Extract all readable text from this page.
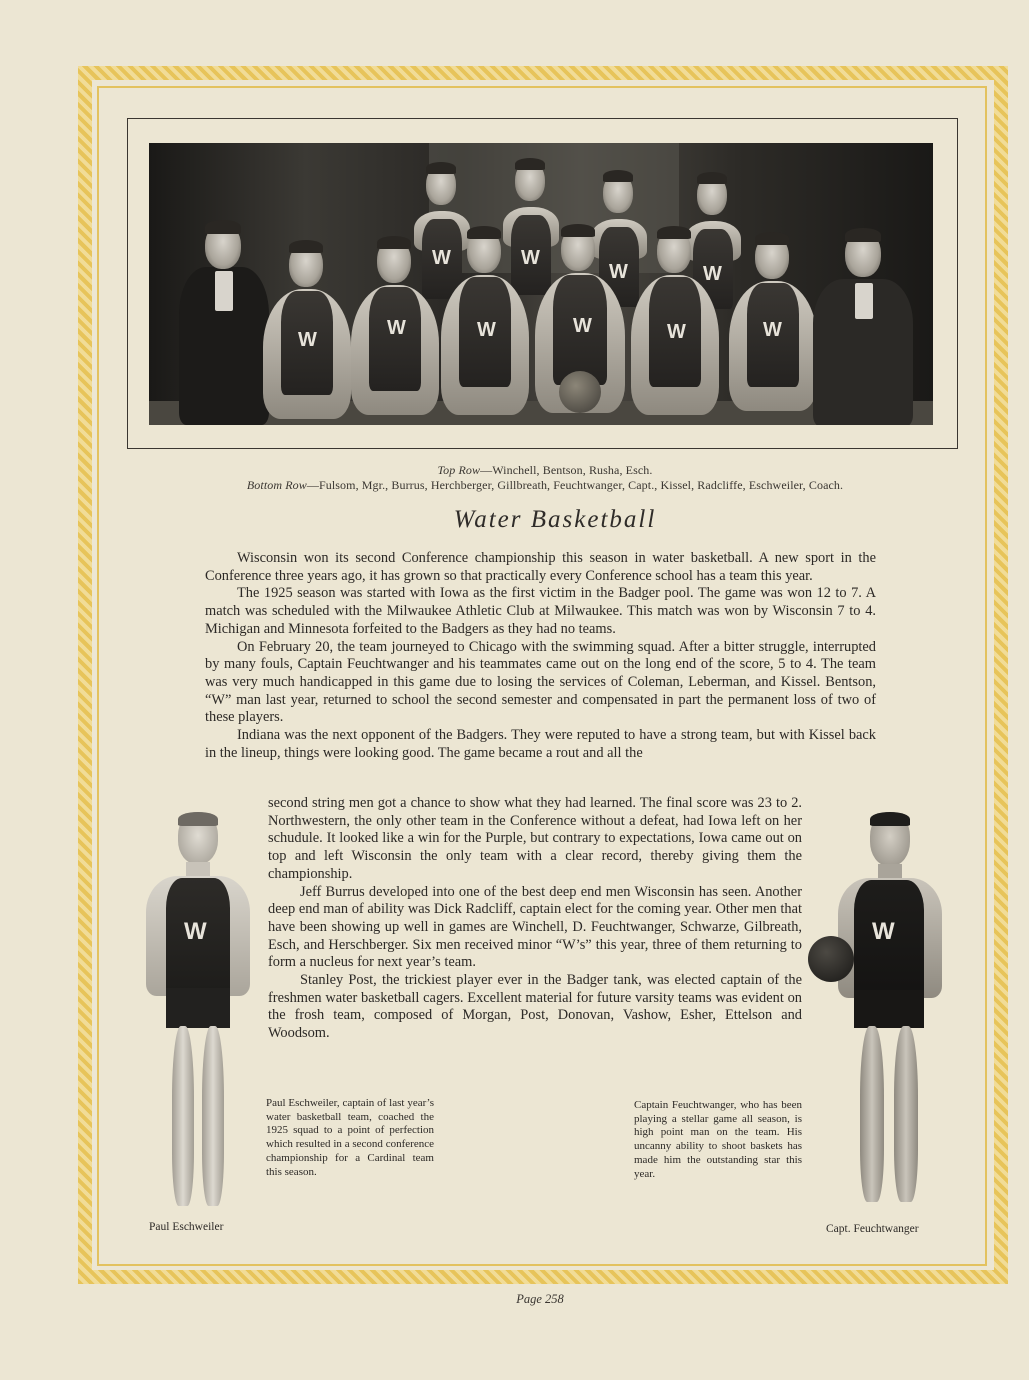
W	W
W	W
W
W	W	W	W	W
Top Row—Winchell, Bentson, Rusha, Esch.
Bottom Row—Fulsom, Mgr., Burrus, Herchberger, Gillbreath, Feuchtwanger, Capt., Kissel, Radcliffe, Eschweiler, Coach.
Water Basketball

Wisconsin won its second Conference championship this season in water basketball. A new sport in the Conference three years ago, it has grown so that practically every Conference school has a team this year.

The 1925 season was started with Iowa as the first victim in the Badger pool. The game was won 12 to 7. A match was scheduled with the Milwaukee Athletic Club at Milwaukee. This match was won by Wisconsin 7 to 4. Michigan and Minnesota forfeited to the Badgers as they had no teams.

On February 20, the team journeyed to Chicago with the swimming squad. After a bitter struggle, interrupted by many fouls, Captain Feuchtwanger and his teammates came out on the long end of the score, 5 to 4. The team was very much handicapped in this game due to losing the services of Coleman, Leberman, and Kissel. Bentson, “W” man last year, returned to school the second semester and compensated in part the permanent loss of two of these players.

Indiana was the next opponent of the Badgers. They were reputed to have a strong team, but with Kissel back in the lineup, things were looking good. The game became a rout and all the

second string men got a chance to show what they had learned. The final score was 23 to 2. Northwestern, the only other team in the Conference without a defeat, had Iowa left on her schudule. It looked like a win for the Purple, but contrary to expectations, Iowa came out on top and left Wisconsin the only team with a clear record, thereby giving them the championship.

Jeff Burrus developed into one of the best deep end men Wisconsin has seen. Another deep end man of ability was Dick Radcliff, captain elect for the coming year. Other men that have been showing up well in games are Winchell, D. Feuchtwanger, Schwarze, Gilbreath, Esch, and Herschberger. Six men received minor “W’s” this year, three of them returning to form a nucleus for next year’s team.

Stanley Post, the trickiest player ever in the Badger tank, was elected captain of the freshmen water basketball cagers. Excellent material for future varsity teams was evident on the frosh team, composed of Morgan, Post, Donovan, Vashow, Esher, Ettelson and Woodsom.

W
Paul Eschweiler, captain of last year’s water basketball team, coached the 1925 squad to a point of perfection which resulted in a second conference championship for a Cardinal team this season.
Paul Eschweiler
W
Captain Feuchtwanger, who has been playing a stellar game all season, is high point man on the team. His uncanny ability to shoot baskets has made him the outstanding star this year.
Capt. Feuchtwanger
Page 258
